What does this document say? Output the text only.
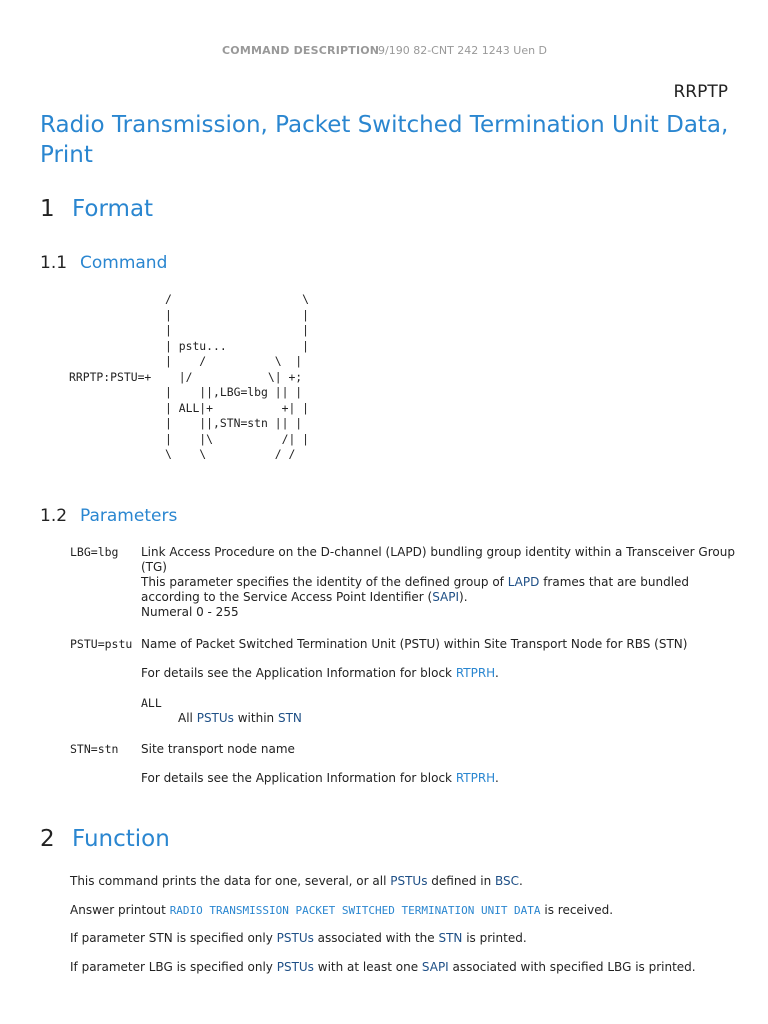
COMMAND DESCRIPTION
9/190 82-CNT 242 1243 Uen D
RRPTP
Radio Transmission, Packet Switched Termination Unit Data, Print
1 Format
1.1 Command
/                   \
|                   |
|                   |
| pstu...           |
|    /          \  |
RRPTP:PSTU=+    |/           \| +;
|    ||,LBG=lbg || |
| ALL|+          +| |
|    ||,STN=stn || |
|    |\          /| |
\    \          / /
1.2 Parameters
LBG=lbg Link Access Procedure on the D-channel (LAPD) bundling group identity within a Transceiver Group (TG)
This parameter specifies the identity of the defined group of LAPD frames that are bundled according to the Service Access Point Identifier (SAPI).
Numeral 0 - 255
PSTU=pstu Name of Packet Switched Termination Unit (PSTU) within Site Transport Node for RBS (STN)
For details see the Application Information for block RTPRH.
ALL
All PSTUs within STN
STN=stn Site transport node name
For details see the Application Information for block RTPRH.
2 Function
This command prints the data for one, several, or all PSTUs defined in BSC.
Answer printout RADIO TRANSMISSION PACKET SWITCHED TERMINATION UNIT DATA is received.
If parameter STN is specified only PSTUs associated with the STN is printed.
If parameter LBG is specified only PSTUs with at least one SAPI associated with specified LBG is printed.
